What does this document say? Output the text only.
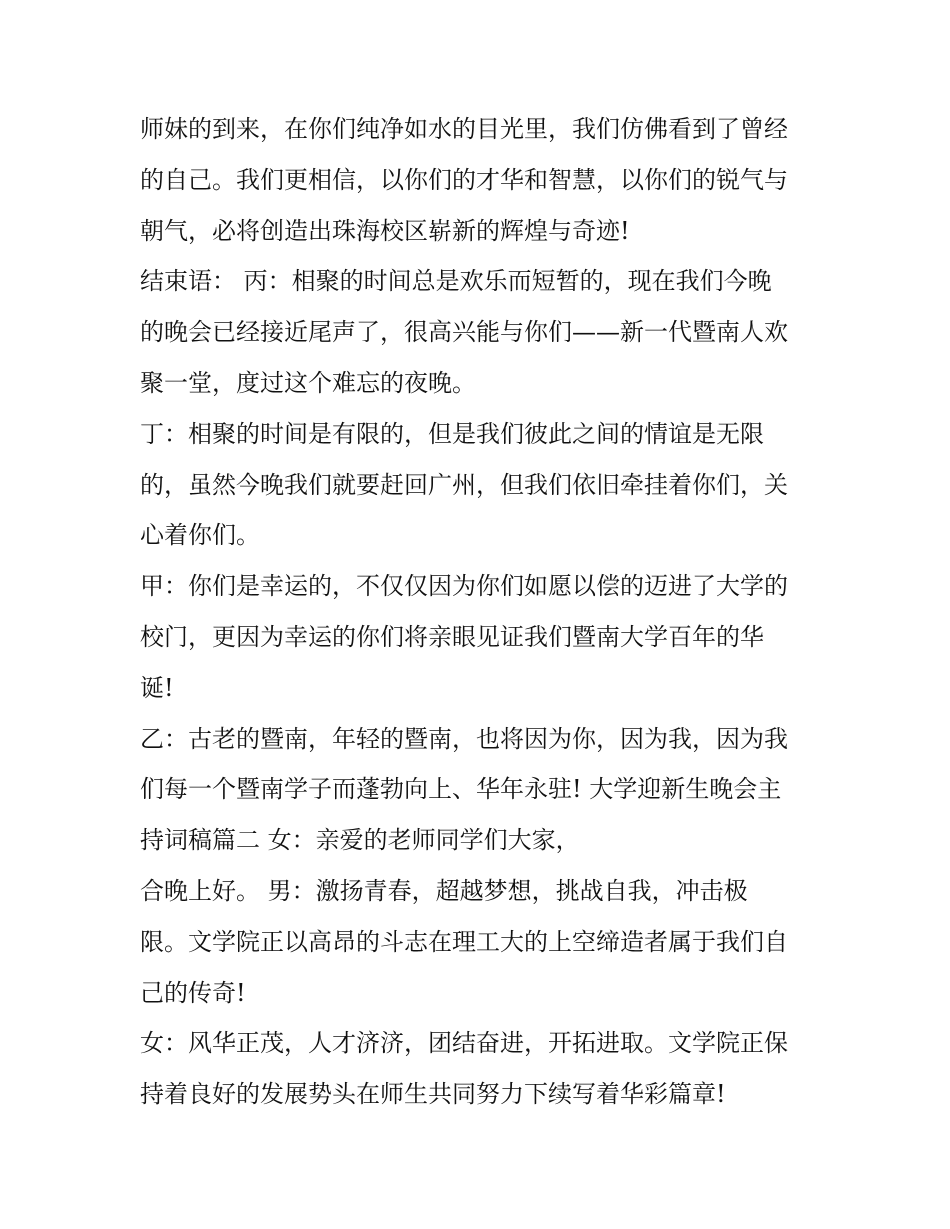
师妹的到来，在你们纯净如水的目光里，我们仿佛看到了曾经
的自己。我们更相信，以你们的才华和智慧，以你们的锐气与
朝气，必将创造出珠海校区崭新的辉煌与奇迹!
结束语： 丙：相聚的时间总是欢乐而短暂的，现在我们今晚
的晚会已经接近尾声了，很高兴能与你们——新一代暨南人欢
聚一堂，度过这个难忘的夜晚。
丁：相聚的时间是有限的，但是我们彼此之间的情谊是无限
的，虽然今晚我们就要赶回广州，但我们依旧牵挂着你们，关
心着你们。
甲：你们是幸运的，不仅仅因为你们如愿以偿的迈进了大学的
校门，更因为幸运的你们将亲眼见证我们暨南大学百年的华
诞!
乙：古老的暨南，年轻的暨南，也将因为你，因为我，因为我
们每一个暨南学子而蓬勃向上、华年永驻! 大学迎新生晚会主
持词稿篇二 女：亲爱的老师同学们大家，
合晚上好。 男：激扬青春，超越梦想，挑战自我，冲击极
限。文学院正以高昂的斗志在理工大的上空缔造者属于我们自
己的传奇!
女：风华正茂，人才济济，团结奋进，开拓进取。文学院正保
持着良好的发展势头在师生共同努力下续写着华彩篇章!
